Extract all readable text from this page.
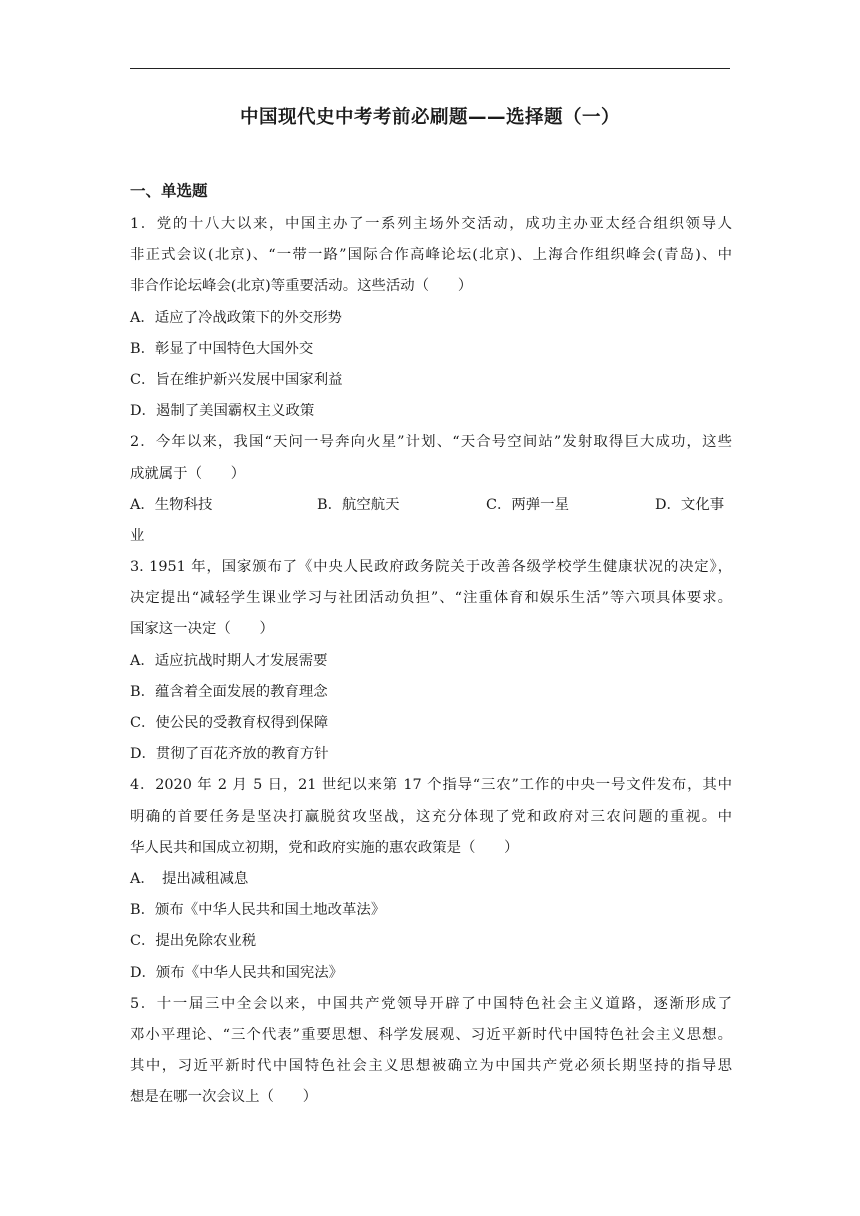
中国现代史中考考前必刷题——选择题（一）
一、单选题
1．党的十八大以来，中国主办了一系列主场外交活动，成功主办亚太经合组织领导人
非正式会议(北京)、“一带一路”国际合作高峰论坛(北京)、上海合作组织峰会(青岛)、中
非合作论坛峰会(北京)等重要活动。这些活动（　　）
A．适应了冷战政策下的外交形势
B．彰显了中国特色大国外交
C．旨在维护新兴发展中国家利益
D．遏制了美国霸权主义政策
2．今年以来，我国“天问一号奔向火星”计划、“天合号空间站”发射取得巨大成功，这些
成就属于（　　）
A．生物科技	B．航空航天	C．两弹一星	D．文化事
业
3. 1951 年，国家颁布了《中央人民政府政务院关于改善各级学校学生健康状况的决定》，
决定提出“减轻学生课业学习与社团活动负担”、“注重体育和娱乐生活”等六项具体要求。
国家这一决定（　　）
A．适应抗战时期人才发展需要
B．蕴含着全面发展的教育理念
C．使公民的受教育权得到保障
D．贯彻了百花齐放的教育方针
4．2020 年 2 月 5 日，21 世纪以来第 17 个指导“三农”工作的中央一号文件发布，其中
明确的首要任务是坚决打赢脱贫攻坚战，这充分体现了党和政府对三农问题的重视。中
华人民共和国成立初期，党和政府实施的惠农政策是（　　）
A．　提出减租减息
B．颁布《中华人民共和国土地改革法》
C．提出免除农业税
D．颁布《中华人民共和国宪法》
5．十一届三中全会以来，中国共产党领导开辟了中国特色社会主义道路，逐渐形成了
邓小平理论、“三个代表”重要思想、科学发展观、习近平新时代中国特色社会主义思想。
其中，习近平新时代中国特色社会主义思想被确立为中国共产党必须长期坚持的指导思
想是在哪一次会议上（　　）
